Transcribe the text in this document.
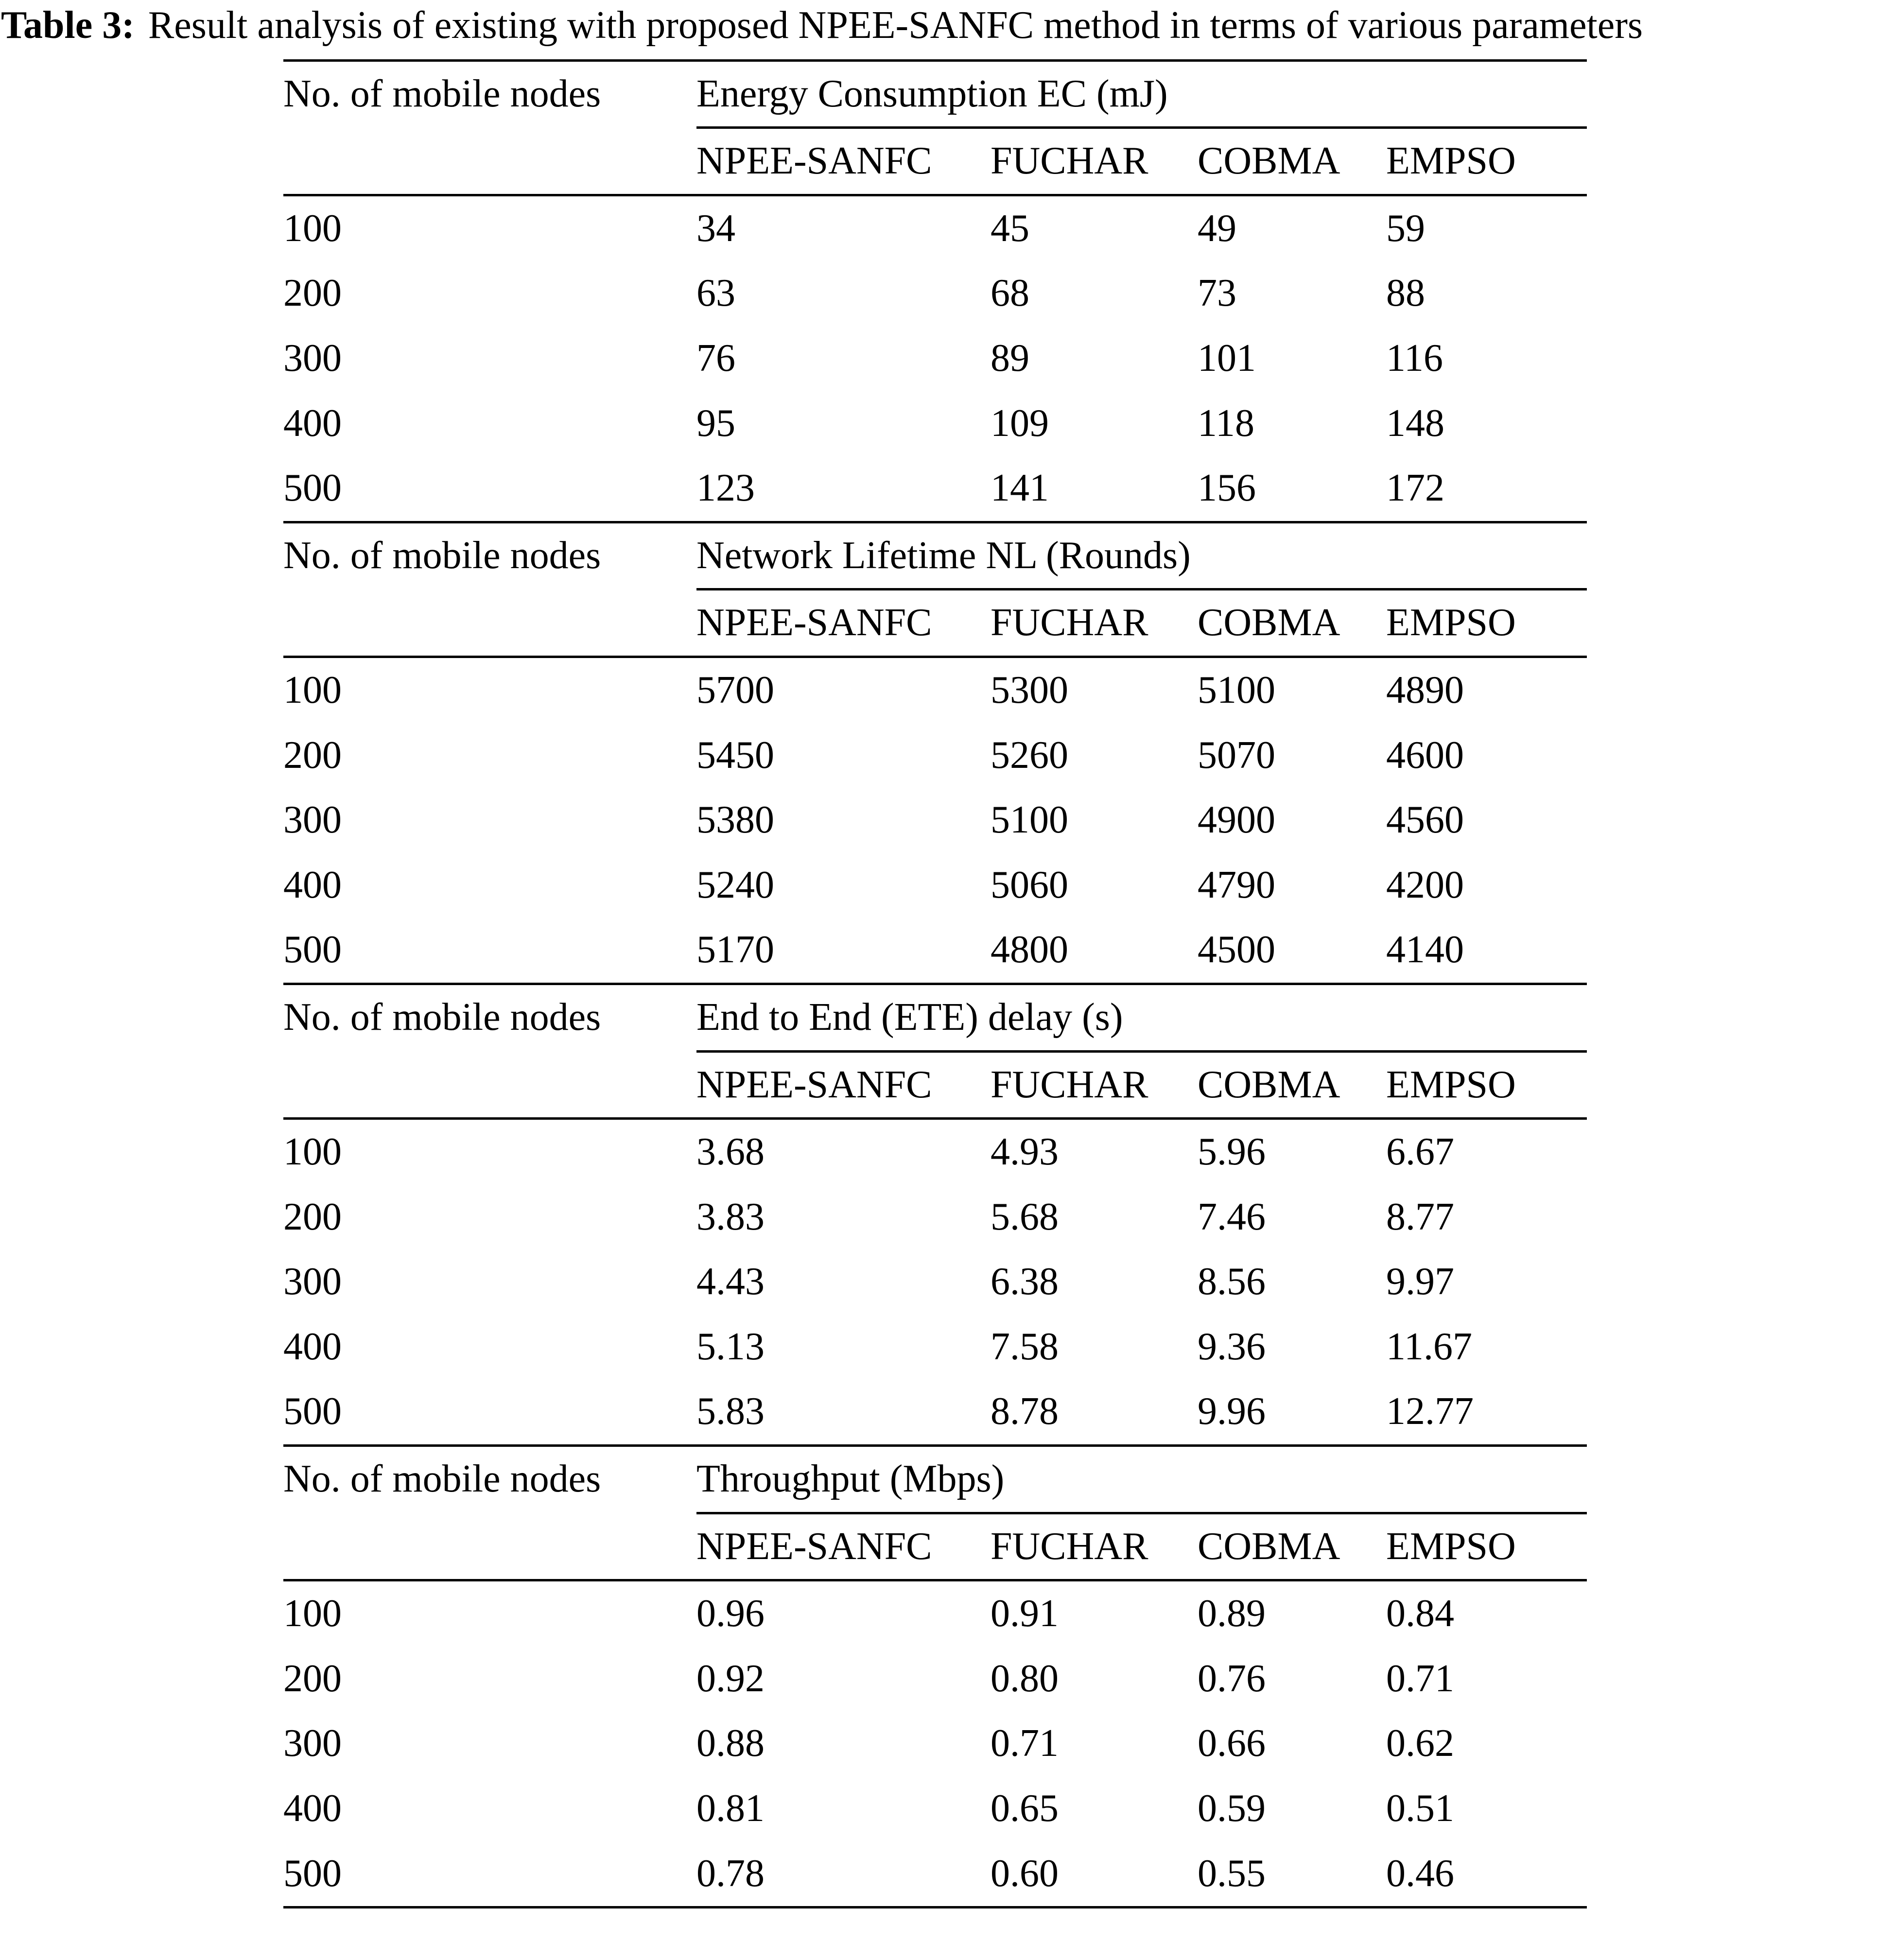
Table 3: Result analysis of existing with proposed NPEE-SANFC method in terms of various parameters
No. of mobile nodes	Energy Consumption EC (mJ)			
	NPEE-SANFC	FUCHAR	COBMA	EMPSO
100	34	45	49	59
200	63	68	73	88
300	76	89	101	116
400	95	109	118	148
500	123	141	156	172
No. of mobile nodes	Network Lifetime NL (Rounds)			
	NPEE-SANFC	FUCHAR	COBMA	EMPSO
100	5700	5300	5100	4890
200	5450	5260	5070	4600
300	5380	5100	4900	4560
400	5240	5060	4790	4200
500	5170	4800	4500	4140
No. of mobile nodes	End to End (ETE) delay (s)			
	NPEE-SANFC	FUCHAR	COBMA	EMPSO
100	3.68	4.93	5.96	6.67
200	3.83	5.68	7.46	8.77
300	4.43	6.38	8.56	9.97
400	5.13	7.58	9.36	11.67
500	5.83	8.78	9.96	12.77
No. of mobile nodes	Throughput (Mbps)			
	NPEE-SANFC	FUCHAR	COBMA	EMPSO
100	0.96	0.91	0.89	0.84
200	0.92	0.80	0.76	0.71
300	0.88	0.71	0.66	0.62
400	0.81	0.65	0.59	0.51
500	0.78	0.60	0.55	0.46
